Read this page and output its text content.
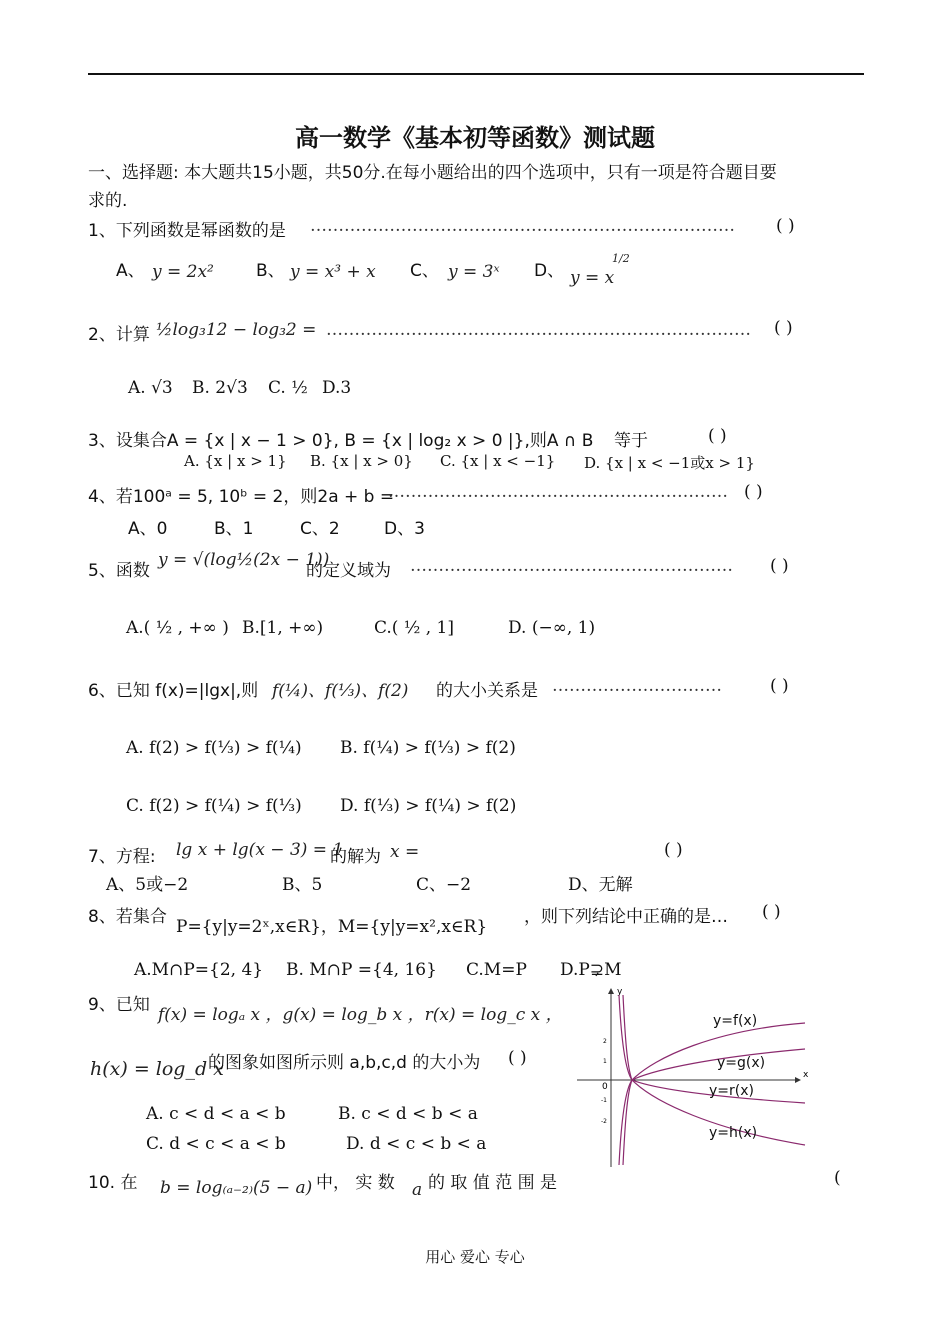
高一数学《基本初等函数》测试题
一、选择题: 本大题共15小题，共50分.在每小题给出的四个选项中，只有一项是符合题目要
求的.
1、下列函数是幂函数的是 ………………………………………………………………… ( )
A、 y = 2x² B、 y = x³ + x C、 y = 3ˣ D、 y = x
1/2
2、计算 ½log₃12 − log₃2 = ………………………………………………………………… ( )
A. √3 B. 2√3 C. ½ D.3
3、设集合A = {x | x − 1 > 0}, B = {x | log₂ x > 0 |},则A ∩ B 等于	( )
A. {x | x > 1} B. {x | x > 0} C. {x | x < −1} D. {x | x < −1或x > 1}
4、若100ᵃ = 5, 10ᵇ = 2，则2a + b =
…………………………………………………… ( )
A、0	B、1	C、2	D、3
5、函数
y = √(log½(2x − 1))
的定义域为 ………………………………………………… ( )
A.( ½ , +∞ ) B.[1, +∞)	C.( ½ , 1]	D. (−∞, 1)
6、已知 f(x)=|lgx|,则 f(¼)、f(⅓)、f(2) 的大小关系是 …………………………	( )
A. f(2) > f(⅓) > f(¼) B. f(¼) > f(⅓) > f(2)
C. f(2) > f(¼) > f(⅓) D. f(⅓) > f(¼) > f(2)
7、方程: lg x + lg(x − 3) = 1
的解为 x =	( )
A、5或−2	B、5	C、−2	D、无解
8、若集合 P={y|y=2ˣ,x∈R}，M={y|y=x²,x∈R} ，则下列结论中正确的是… ( )
A.M∩P={2, 4} B. M∩P ={4, 16} C.M=P D.P⊋M
9、已知 f(x) = logₐ x ，g(x) = log_b x ，r(x) = log_c x ，
h(x) = log_d x
的图象如图所示则 a,b,c,d 的大小为 ( )
A. c < d < a < b	B. c < d < b < a
C. d < c < a < b	D. d < c < b < a
x
y
0
2
1
-1
-2
y=f(x)
y=g(x)
y=r(x)
y=h(x)
10. 在 b = log₍ₐ₋₂₎(5 − a) 中， 实 数 a 的 取 值 范 围 是	(
用心 爱心 专心
